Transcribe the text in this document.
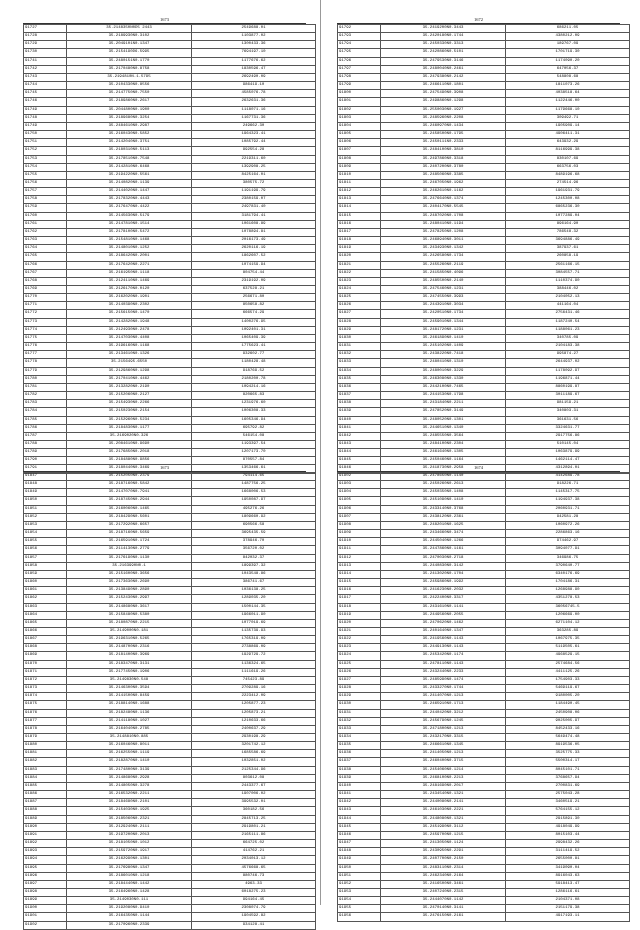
1673
91727	35.2148350N0D5 2443	2549688.01
91728	35.2189930N0.3102	1103877.02
91729	35.2049101N0.1347	1300433.36
91730	35.2154190D6.5995	7694197.10
91741	35.2480151N0.1770	1177676.62
91742	35.2170480N0.8758	1830596.47
91743	35.2194810N.1.5795	2692490.09
91744	35.2104330N0.8556	986419.10
91745	35.2147750N0.7550	4585076.78
91746	35.2189860N0.2617	2632631.36
91749	35.2044800N0.1900	1118071.16
91748	35.2189680N0.3254	1167731.36
91749	35.2484610N0.2987	249662.30
91750	35.2160430N0.5852	1964323.41
91751	35.2142040N0.3751	1085792.44
91752	35.2180310N0.5113	992554.28
91753	35.2178510N0.7548	2219311.60
91754	35.2142810N0.6468	1392908.25
91755	35.2194220N0.5561	8425164.01
91756	35.2140820N0.1139	380575.72
91757	35.2144020N0.1447	1191199.79
91758	35.2178320N0.4443	2380159.07
91759	35.2176470N0.4422	2497831.40
91760	35.2145630N0.5179	3181794.41
91761	35.2147810N0.1514	1061608.89
91762	35.2178100N0.5472	1078894.81
91763	35.2154810N0.1468	2016173.49
91764	35.2148010N0.1252	2620116.19
91765	35.2186420N0.2001	1862607.52
91766	35.2176420N0.2271	1074159.94
91767	35.2161950N0.1118	804754.44
91768	35.2124110N0.1469	2319192.09
91769	35.2126170N0.0120	637528.21
91770	35.2162020N0.1901	256671.80
91771	35.2140390N0.2302	850658.82
91772	35.2156150N0.1470	666574.29
91773	35.2142820N0.1948	1400276.95
91774	35.2124930N0.2478	1092401.31
91775	35.2147030N0.4408	1065409.39
91776	35.2196160N0.1168	1775623.41
91777	35.2134610N0.1326	932602.77
91778	35.2156495.6550	1180428.48
91779	35.2129860N0.1298	918769.52
91780	35.2170410N0.4462	2180200.78
91781	35.2132820N0.2190	1094214.16
91782	35.2152060N0.2127	820665.83
91783	35.2154930N0.2266	1231976.60
91784	35.2150230N0.2154	1006308.33
91785	35.2152960N0.5234	1605346.94
91786	35.2184830N0.1177	695792.82
91787	35.2169020N0.326	546154.08
91788	35.2084610N0.9690	1193397.54
91789	35.2176850N0.2018	1207173.70
91790	35.2184880N0.9856	870557.84
91791	35.2180440N0.3469	1353466.61
1672
91792	35.2419200N0.3443	686211.05
91793	35.2420180N0.1744	4380212.09
91794	35.2450330N0.3313	189767.09
91795	35.2420860N0.5101	1701719.30
91796	35.2479530N0.3146	1174090.20
91797	35.2480040N0.2461	647056.37
91798	35.2479380N0.2142	548808.68
91799	35.2466110N0.1801	1811073.26
91800	35.2475490N0.3908	4038518.64
91801	35.2498860N0.1298	1122446.00
91802	35.2550030N0.1927	1179668.10
91803	35.2485960N0.2208	309492.71
91804	35.2460970N0.1434	1905909.14
91805	35.2458500N0.1795	4906411.31
91806	35.2450111N0.2333	643932.29
91807	35.2484100N0.3810	8116999.38
91808	35.2497860N0.3318	830107.69
91809	35.2407200N0.3780	663756.03
91810	35.2485060N0.3385	8489196.68
91811	35.2467050N0.1962	274514.96
91812	35.2462610N0.1162	1961931.79
91813	35.2476640N0.1374	1245300.08
91814	35.2404170N0.5545	6865236.30
91815	35.2487020N0.1708	1077289.04
91816	35.2480410N0.1194	896164.90
91817	35.2478250N0.1208	786548.32
91818	35.2468940N0.3011	3694886.49
91819	35.2434930N0.1342	387937.61
91820	35.2426580N0.1734	260858.19
91821	35.2455260N0.2119	2561166.15
91822	35.2415850N0.4096	3084557.71
91823	35.2485500N0.2140	1110374.90
91824	35.2475460N0.1231	388446.02
91825	35.2474550N0.3993	2104052.13
91826	35.2443910N0.3034	441164.04
91827	35.2420510N0.1734	2756431.46
91828	35.2459010N0.1344	1187240.54
91829	35.2481720N0.1231	1188061.23
91830	35.2461890N0.1410	340785.09
91831	35.2451020N0.1409	2104183.38
91832	35.2438220N0.7418	995874.27
91833	35.2480410N0.1310	2644937.02
91834	35.2480010N0.3229	1178092.97
91835	35.2463080N0.1330	1196871.44
91836	35.2442100N0.7465	8860199.87
91837	35.2441530N0.1798	3011189.67
91838	35.2431840N0.2211	981159.21
91839	35.2478520N0.3149	340803.31
91840	35.2480520N0.1301	361631.56
91841	35.2446510N0.1340	3324631.77
91842	35.2485550N0.3564	2917756.86
91843	35.2484100N0.2304	510145.04
91844	35.2461640N0.1305	1063879.99
91845	35.2450460N0.1164	1462114.47
91846	35.2418730N0.2958	4312894.01
1673
91847	35.2152050N0.2379	794114.65
91848	35.2187160N0.5842	1487756.25
91849	35.2147070N0.7941	1668006.53
91850	35.2187450N0.2944	1950087.97
91851	35.2160060N0.1465	495276.26
91852	35.2184290N0.5601	1809660.92
91853	35.2172920N0.6657	690566.58
91854	35.2187160N0.5659	3695435.59
91855	35.2165910N0.1724	378946.70
91856	35.2114130N0.2779	356720.02
91857	35.2176190N0.1130	842032.37
91858	35.2163990N0.1	1899397.32
91859	35.2151600N0.3656	1043548.86
91860	35.2173630N0.2690	386741.67
91861	35.2138490N0.2890	1036138.25
91862	35.2152430N0.2997	1289035.20
91863	35.2148680N0.3617	1500144.35
91864	35.2158480N0.5380	1966011.90
91865	35.2180870N0.2215	1077019.69
91866	35.2149000N0.181	1135739.93
91867	35.2196310N0.5265	1765319.09
91868	35.2148700N0.2316	2738869.09
91869	35.2181400N0.3969	1929729.72
91870	35.2183470N0.3131	1136324.65
91871	35.2177450N0.1906	1111619.26
91872	35.2149830N0.548	745423.89
91873	35.2146300N0.3594	2709289.16
91874	35.2141500N0.8459	2223412.09
91875	35.2188140N0.1688	1205877.23
91876	35.2182480N0.1136	1205873.21
91877	35.2141180N0.1027	1210633.66
91878	35.2164040N0.2785	2400637.29
91879	35.2148810N0.885	2930198.29
91880	35.2160460N0.8011	3201742.12
91881	35.2162550N0.1119	1685586.69
91882	35.2182870N0.1410	1032851.02
91883	35.2174800N0.3139	2125344.96
91884	35.2148680N0.2928	803612.08
91885	35.2148050N0.3278	2443377.67
91886	35.2165320N0.2211	1907006.02
91887	35.2184680N0.2101	3995532.01
91888	35.2154030N0.1925	360182.56
91889	35.2185060N0.2321	2845713.25
91890	35.2129240N0.2111	2919801.21
91891	35.2197200N0.2013	2165111.86
91892	35.2181050N0.1012	664725.02
91893	35.2159720N0.1917	414762.21
91894	35.2162990N0.1301	2034013.12
91895	35.2176980N0.1347	4576668.65
91896	35.2186010N0.1218	880746.73
91897	35.2184440N0.1442	4963.33
91898	35.2164960N0.1428	6018275.23
91899	35.2149030N0.111	994164.45
91900	35.2192080N0.9410	2308074.79
91901	35.2164350N0.1144	1904592.82
91902	35.2170960N0.2339	934128.41
1674
91902	35.2478650N0.1140	4142689.78
91903	35.2450260N0.2613	918226.71
91904	35.2450350N0.1408	1145317.75
91905	35.2451090N0.1410	1194937.38
91906	35.2433140N0.3768	2060931.71
91907	35.2438120N0.2361	942581.28
91908	35.2482010N0.1625	1060972.26
91909	35.2434660N0.3474	2286863.16
91910	35.2445040N0.1266	974462.97
91911	35.2447860N0.1161	3094077.91
91912	35.2470030N0.2718	346986.75
91913	35.2440830N0.3142	3790640.77
91914	35.2413020N0.1704	6340176.69
91915	35.2459860N0.1992	1704186.31
91916	35.2416230N0.2032	1268988.90
91917	35.2422400N0.3317	4351278.53
91918	35.2431610N0.1141	36056745.5
91919	35.2449560N0.2055	1206669.00
91920	35.2470620N0.1462	6271104.12
91921	35.2401640N0.1347	363285.89
91922	35.2419560N0.1143	1067975.35
91923	35.2449130N0.1143	5119505.61
91924	35.2453420N0.1174	4968529.15
91925	35.2478110N0.1143	2574684.56
91926	35.2432440N0.2233	4411125.26
91927	35.2485990N0.1474	1754903.33
91928	35.2433270N0.1744	5469119.67
91929	35.2414070N0.1213	9180005.20
91930	35.2465910N0.1713	1184490.45
91931	35.2440420N0.3212	2450908.06
91932	35.2456790N0.1245	9025005.97
91933	35.2471800N0.1213	8452433.16
91934	35.2432170N0.3315	5649474.48
91935	35.2466610N0.1345	8919536.05
91936	35.2414050N0.1213	3525775.33
91937	35.2460400N0.3715	5500314.17
91938	35.2454060N0.1214	8045101.71
91939	35.2468100N0.2213	3768657.94
91940	35.2481690N0.2017	2700831.69
91941	35.2434540N0.1321	2575043.28
91942	35.2440080N0.2141	3460519.21
91943	35.2461030N0.2221	5764155.12
91944	35.2448080N0.1321	2915891.30
91945	35.2451990N0.3112	4918049.99
91946	35.2459700N0.1215	8015103.44
91947	35.2413050N0.1124	2998432.26
91948	35.2430950N0.2291	3111419.52
91949	35.2407700N0.2150	2655000.81
91950	35.2483110N0.2314	3419090.04
91951	35.2462340N0.2164	8916043.63
91952	35.2416500N0.3461	5918413.47
91953	35.2407240N0.2315	1286116.61
91954	35.2444070N0.1142	2104371.08
91955	35.2470140N0.3141	2151179.38
91956	35.2476150N0.2161	4917193.11
